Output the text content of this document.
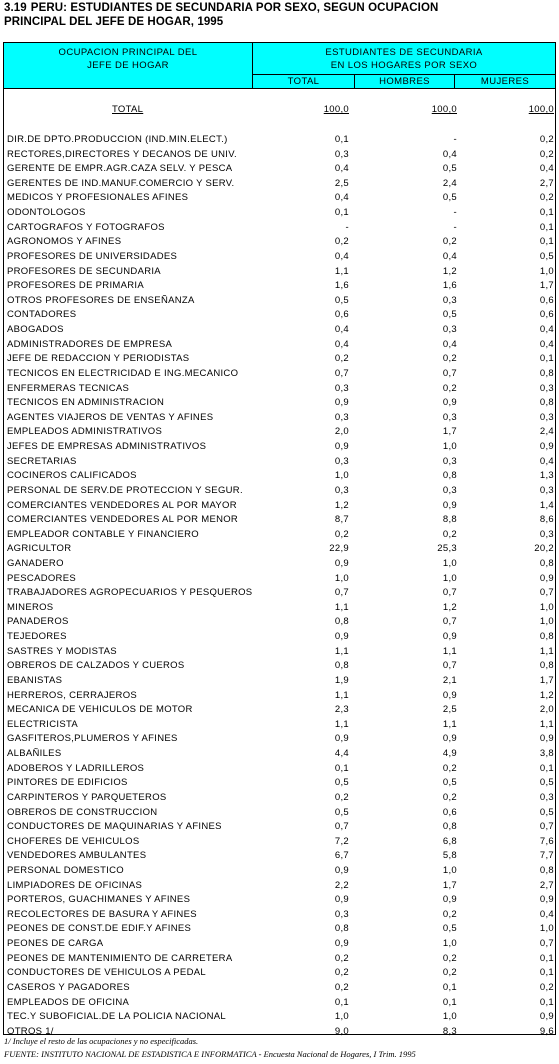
3.19 PERU: ESTUDIANTES DE SECUNDARIA POR SEXO, SEGUN OCUPACION
PRINCIPAL DEL JEFE DE HOGAR, 1995
OCUPACION PRINCIPAL DEL
JEFE DE HOGAR
ESTUDIANTES DE SECUNDARIA
EN LOS HOGARES POR SEXO
TOTAL	HOMBRES	MUJERES
TOTAL	100,0	100,0	100,0
DIR.DE DPTO.PRODUCCION (IND.MIN.ELECT.)	0,1	-	0,2
RECTORES,DIRECTORES Y DECANOS DE UNIV.	0,3	0,4	0,2
GERENTE DE EMPR.AGR.CAZA SELV. Y PESCA	0,4	0,5	0,4
GERENTES DE IND.MANUF.COMERCIO Y SERV.	2,5	2,4	2,7
MEDICOS Y PROFESIONALES AFINES	0,4	0,5	0,2
ODONTOLOGOS	0,1	-	0,1
CARTOGRAFOS Y FOTOGRAFOS	-	-	0,1
AGRONOMOS Y AFINES	0,2	0,2	0,1
PROFESORES DE UNIVERSIDADES	0,4	0,4	0,5
PROFESORES DE SECUNDARIA	1,1	1,2	1,0
PROFESORES DE PRIMARIA	1,6	1,6	1,7
OTROS PROFESORES DE ENSEÑANZA	0,5	0,3	0,6
CONTADORES	0,6	0,5	0,6
ABOGADOS	0,4	0,3	0,4
ADMINISTRADORES DE EMPRESA	0,4	0,4	0,4
JEFE DE REDACCION Y PERIODISTAS	0,2	0,2	0,1
TECNICOS EN ELECTRICIDAD E ING.MECANICO	0,7	0,7	0,8
ENFERMERAS TECNICAS	0,3	0,2	0,3
TECNICOS EN ADMINISTRACION	0,9	0,9	0,8
AGENTES VIAJEROS DE VENTAS Y AFINES	0,3	0,3	0,3
EMPLEADOS ADMINISTRATIVOS	2,0	1,7	2,4
JEFES DE EMPRESAS ADMINISTRATIVOS	0,9	1,0	0,9
SECRETARIAS	0,3	0,3	0,4
COCINEROS CALIFICADOS	1,0	0,8	1,3
PERSONAL DE SERV.DE PROTECCION Y SEGUR.	0,3	0,3	0,3
COMERCIANTES VENDEDORES AL POR MAYOR	1,2	0,9	1,4
COMERCIANTES VENDEDORES AL POR MENOR	8,7	8,8	8,6
EMPLEADOR CONTABLE Y FINANCIERO	0,2	0,2	0,3
AGRICULTOR	22,9	25,3	20,2
GANADERO	0,9	1,0	0,8
PESCADORES	1,0	1,0	0,9
TRABAJADORES AGROPECUARIOS Y PESQUEROS	0,7	0,7	0,7
MINEROS	1,1	1,2	1,0
PANADEROS	0,8	0,7	1,0
TEJEDORES	0,9	0,9	0,8
SASTRES Y MODISTAS	1,1	1,1	1,1
OBREROS DE CALZADOS Y CUEROS	0,8	0,7	0,8
EBANISTAS	1,9	2,1	1,7
HERREROS, CERRAJEROS	1,1	0,9	1,2
MECANICA DE VEHICULOS DE MOTOR	2,3	2,5	2,0
ELECTRICISTA	1,1	1,1	1,1
GASFITEROS,PLUMEROS Y AFINES	0,9	0,9	0,9
ALBAÑILES	4,4	4,9	3,8
ADOBEROS Y LADRILLEROS	0,1	0,2	0,1
PINTORES DE EDIFICIOS	0,5	0,5	0,5
CARPINTEROS Y PARQUETEROS	0,2	0,2	0,3
OBREROS DE CONSTRUCCION	0,5	0,6	0,5
CONDUCTORES DE MAQUINARIAS Y AFINES	0,7	0,8	0,7
CHOFERES DE VEHICULOS	7,2	6,8	7,6
VENDEDORES AMBULANTES	6,7	5,8	7,7
PERSONAL DOMESTICO	0,9	1,0	0,8
LIMPIADORES DE OFICINAS	2,2	1,7	2,7
PORTEROS, GUACHIMANES Y AFINES	0,9	0,9	0,9
RECOLECTORES DE BASURA Y AFINES	0,3	0,2	0,4
PEONES DE CONST.DE EDIF.Y AFINES	0,8	0,5	1,0
PEONES DE CARGA	0,9	1,0	0,7
PEONES DE MANTENIMIENTO DE CARRETERA	0,2	0,2	0,1
CONDUCTORES DE VEHICULOS A PEDAL	0,2	0,2	0,1
CASEROS Y PAGADORES	0,2	0,1	0,2
EMPLEADOS DE OFICINA	0,1	0,1	0,1
TEC.Y SUBOFICIAL.DE LA POLICIA NACIONAL	1,0	1,0	0,9
OTROS 1/	9,0	8,3	9,6
1/ Incluye el resto de las ocupaciones y no especificadas.
FUENTE: INSTITUTO NACIONAL DE ESTADISTICA E INFORMATICA - Encuesta Nacional de Hogares, I Trim. 1995
